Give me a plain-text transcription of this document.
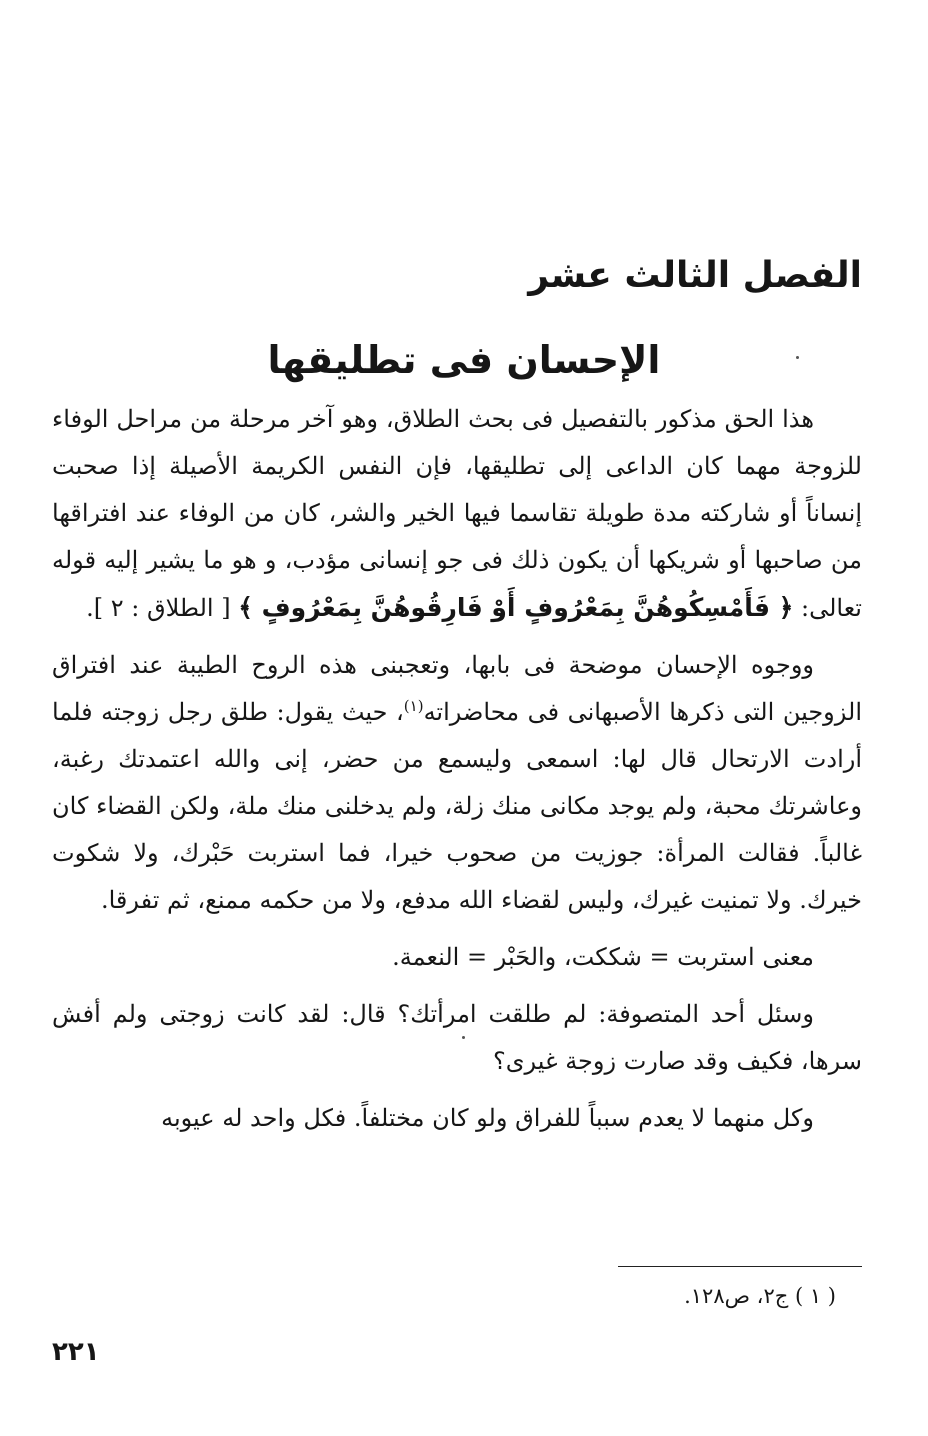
الفصل الثالث عشر
الإحسان فى تطليقها

هذا الحق مذكور بالتفصيل فى بحث الطلاق، وهو آخر مرحلة من مراحل الوفاء للزوجة مهما كان الداعى إلى تطليقها، فإن النفس الكريمة الأصيلة إذا صحبت إنساناً أو شاركته مدة طويلة تقاسما فيها الخير والشر، كان من الوفاء عند افتراقها من صاحبها أو شريكها أن يكون ذلك فى جو إنسانى مؤدب، و هو ما يشير إليه قوله تعالى: ﴿ فَأَمْسِكُوهُنَّ بِمَعْرُوفٍ أَوْ فَارِقُوهُنَّ بِمَعْرُوفٍ ﴾ [ الطلاق : ٢ ].

ووجوه الإحسان موضحة فى بابها، وتعجبنى هذه الروح الطيبة عند افتراق الزوجين التى ذكرها الأصبهانى فى محاضراته$^{(١)}$، حيث يقول: طلق رجل زوجته فلما أرادت الارتحال قال لها: اسمعى وليسمع من حضر، إنى والله اعتمدتك رغبة، وعاشرتك محبة، ولم يوجد مكانى منك زلة، ولم يدخلنى منك ملة، ولكن القضاء كان غالباً. فقالت المرأة: جوزيت من صحوب خيرا، فما استربت حَبْرك، ولا شكوت خيرك. ولا تمنيت غيرك، وليس لقضاء الله مدفع، ولا من حكمه ممنع، ثم تفرقا.

معنى استربت = شككت، والحَبْر = النعمة.

وسئل أحد المتصوفة: لم طلقت امرأتك؟ قال: لقد كانت زوجتى ولم أفش سرها، فكيف وقد صارت زوجة غيرى؟

وكل منهما لا يعدم سبباً للفراق ولو كان مختلفاً. فكل واحد له عيوبه

( ١ ) ج٢، ص١٢٨.
٢٢١
